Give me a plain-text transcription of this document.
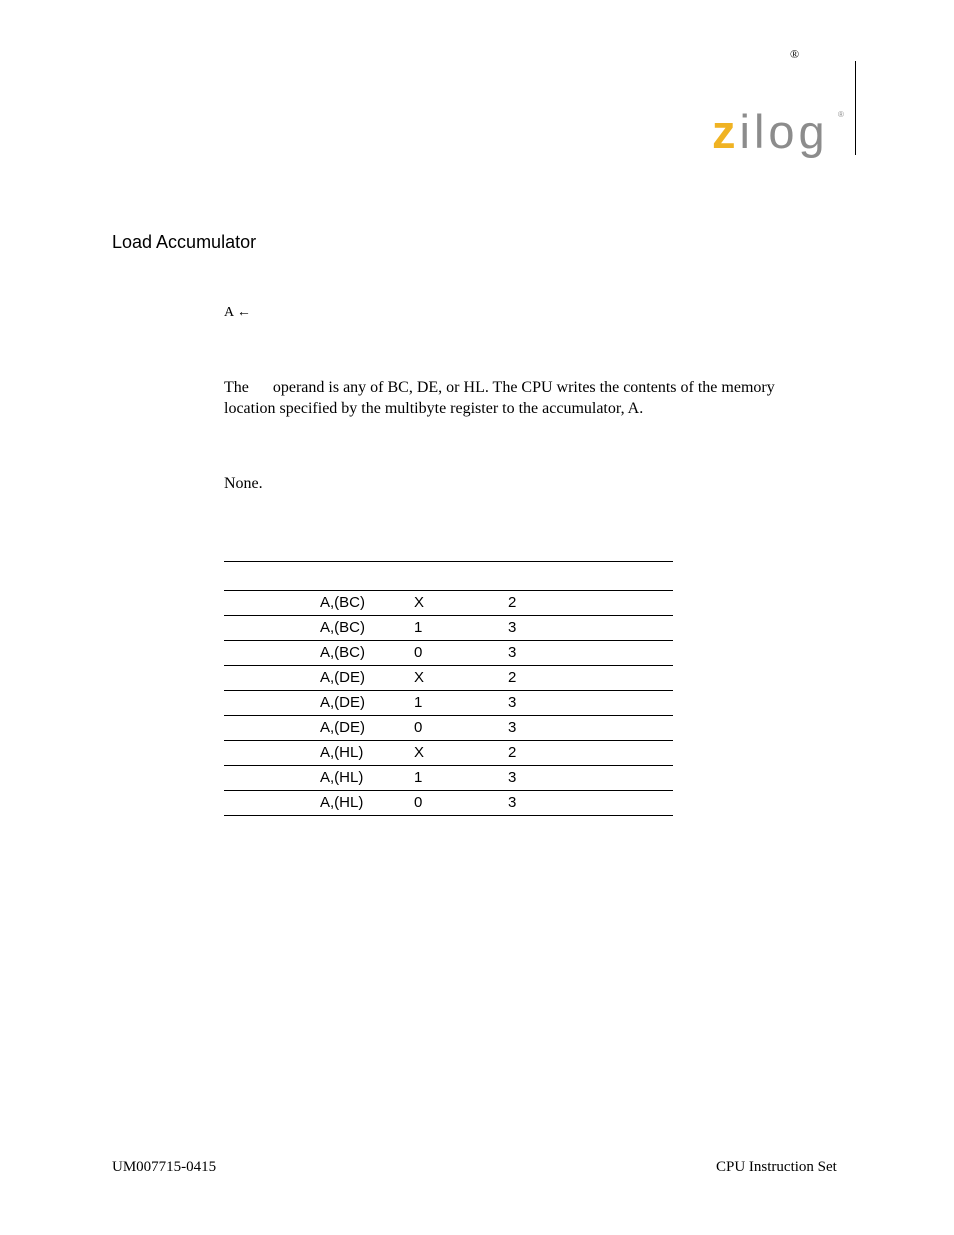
®
zilog ®
Load Accumulator
A ←
The      operand is any of BC, DE, or HL. The CPU writes the contents of the memory
location specified by the multibyte register to the accumulator, A.
None.
A,(BC)	X	2
A,(BC)	1	3
A,(BC)	0	3
A,(DE)	X	2
A,(DE)	1	3
A,(DE)	0	3
A,(HL)	X	2
A,(HL)	1	3
A,(HL)	0	3
UM007715-0415	CPU Instruction Set
